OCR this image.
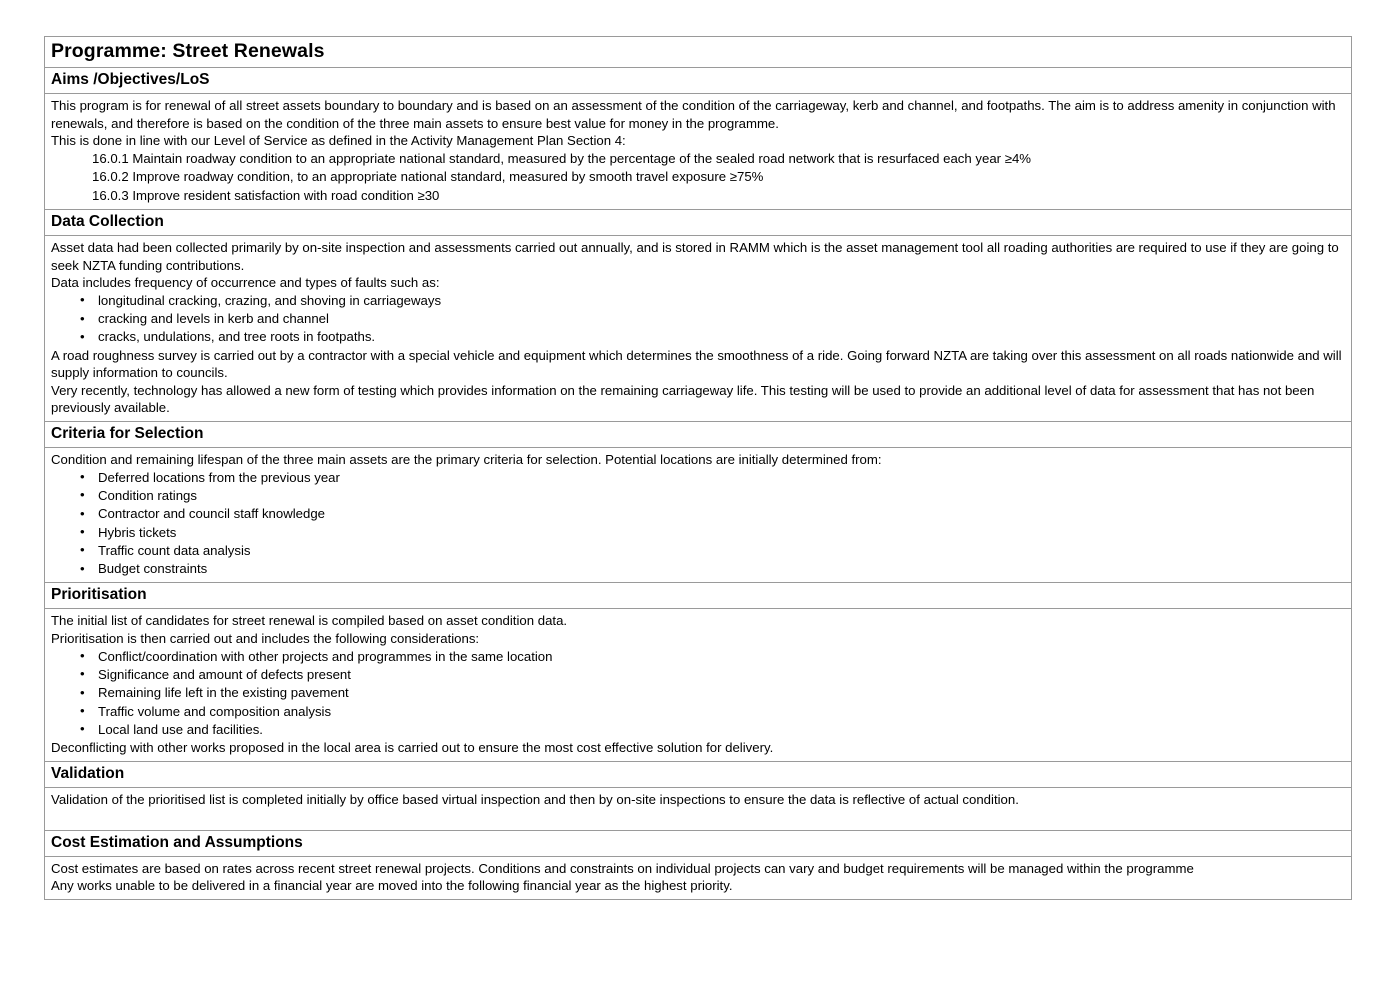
Programme: Street Renewals
Aims /Objectives/LoS

This program is for renewal of all street assets boundary to boundary and is based on an assessment of the condition of the carriageway, kerb and channel, and footpaths. The aim is to address amenity in conjunction with renewals, and therefore is based on the condition of the three main assets to ensure best value for money in the programme.

This is done in line with our Level of Service as defined in the Activity Management Plan Section 4:

16.0.1 Maintain roadway condition to an appropriate national standard, measured by the percentage of the sealed road network that is resurfaced each year ≥4%
16.0.2 Improve roadway condition, to an appropriate national standard, measured by smooth travel exposure ≥75%
16.0.3 Improve resident satisfaction with road condition ≥30

Data Collection

Asset data had been collected primarily by on-site inspection and assessments carried out annually, and is stored in RAMM which is the asset management tool all roading authorities are required to use if they are going to seek NZTA funding contributions.

Data includes frequency of occurrence and types of faults such as:

• longitudinal cracking, crazing, and shoving in carriageways
• cracking and levels in kerb and channel
• cracks, undulations, and tree roots in footpaths.

A road roughness survey is carried out by a contractor with a special vehicle and equipment which determines the smoothness of a ride. Going forward NZTA are taking over this assessment on all roads nationwide and will supply information to councils.

Very recently, technology has allowed a new form of testing which provides information on the remaining carriageway life. This testing will be used to provide an additional level of data for assessment that has not been previously available.

Criteria for Selection

Condition and remaining lifespan of the three main assets are the primary criteria for selection. Potential locations are initially determined from:

• Deferred locations from the previous year
• Condition ratings
• Contractor and council staff knowledge
• Hybris tickets
• Traffic count data analysis
• Budget constraints

Prioritisation

The initial list of candidates for street renewal is compiled based on asset condition data.

Prioritisation is then carried out and includes the following considerations:

• Conflict/coordination with other projects and programmes in the same location
• Significance and amount of defects present
• Remaining life left in the existing pavement
• Traffic volume and composition analysis
• Local land use and facilities.

Deconflicting with other works proposed in the local area is carried out to ensure the most cost effective solution for delivery.

Validation

Validation of the prioritised list is completed initially by office based virtual inspection and then by on-site inspections to ensure the data is reflective of actual condition.

Cost Estimation and Assumptions

Cost estimates are based on rates across recent street renewal projects. Conditions and constraints on individual projects can vary and budget requirements will be managed within the programme

Any works unable to be delivered in a financial year are moved into the following financial year as the highest priority.
